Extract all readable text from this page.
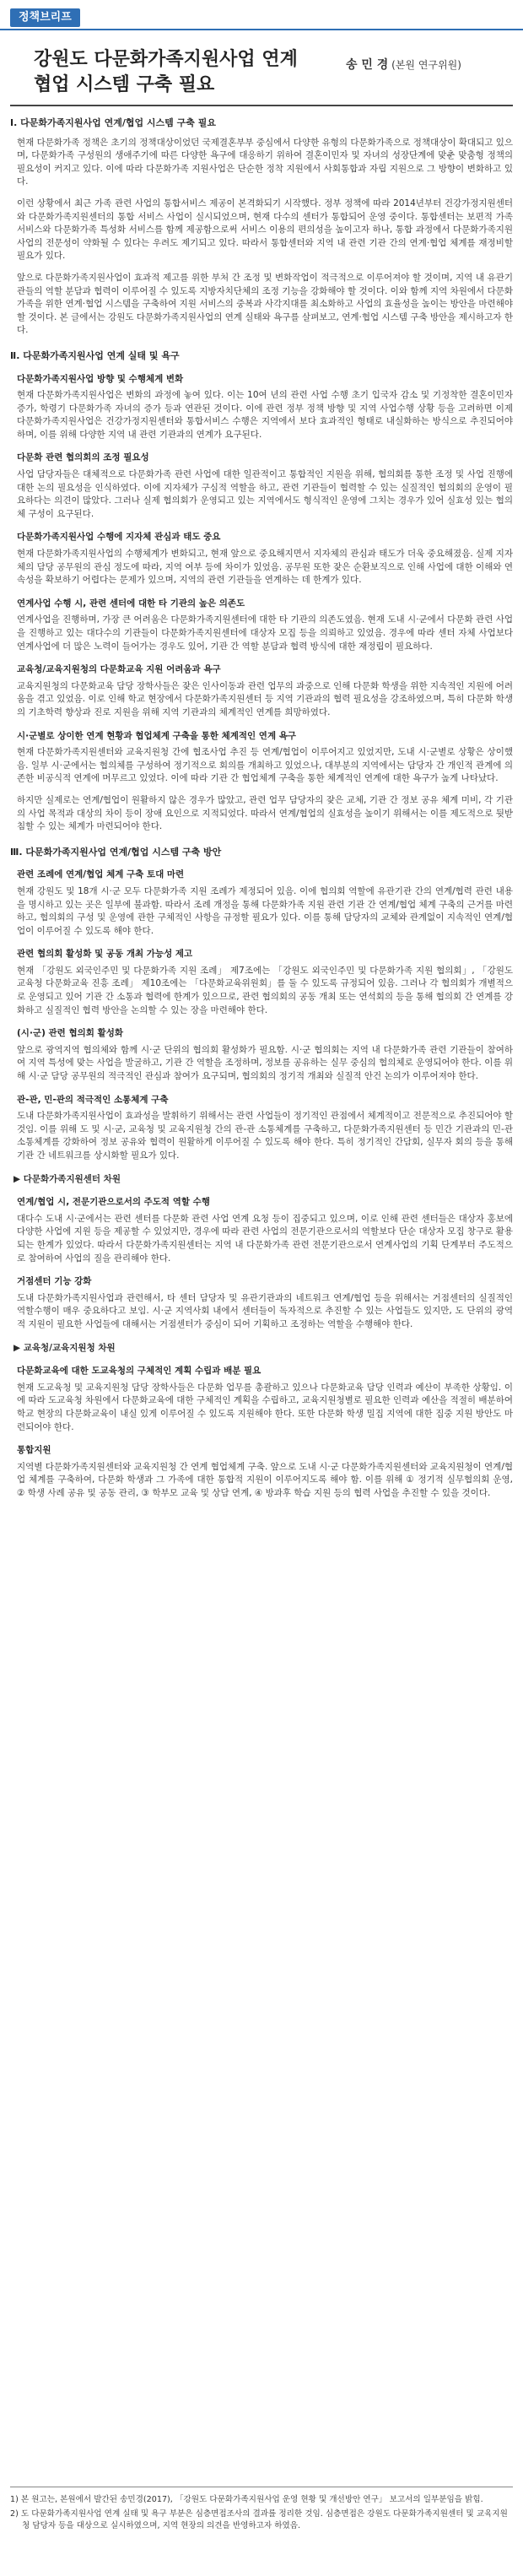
정책브리프
강원도 다문화가족지원사업 연계
협업 시스템 구축 필요
송 민 경 (본원 연구위원)
Ⅰ. 다문화가족지원사업 연계/협업 시스템 구축 필요
현재 다문화가족 정책은 초기의 정책대상이었던 국제결혼부부 중심에서 다양한 유형의 다문화가족으로 정책대상이 확대되고 있으며, 다문화가족 구성원의 생애주기에 따른 다양한 욕구에 대응하기 위하여 결혼이민자 및 자녀의 성장단계에 맞춘 맞춤형 정책의 필요성이 커지고 있다. 이에 따라 다문화가족 지원사업은 단순한 정착 지원에서 사회통합과 자립 지원으로 그 방향이 변화하고 있다.
이런 상황에서 최근 가족 관련 사업의 통합서비스 제공이 본격화되기 시작했다. 정부 정책에 따라 2014년부터 건강가정지원센터와 다문화가족지원센터의 통합 서비스 사업이 실시되었으며, 현재 다수의 센터가 통합되어 운영 중이다. 통합센터는 보편적 가족서비스와 다문화가족 특성화 서비스를 함께 제공함으로써 서비스 이용의 편의성을 높이고자 하나, 통합 과정에서 다문화가족지원사업의 전문성이 약화될 수 있다는 우려도 제기되고 있다. 따라서 통합센터와 지역 내 관련 기관 간의 연계·협업 체계를 재정비할 필요가 있다.
앞으로 다문화가족지원사업이 효과적 제고를 위한 부처 간 조정 및 변화작업이 적극적으로 이루어져야 할 것이며, 지역 내 유관기관들의 역할 분담과 협력이 이루어질 수 있도록 지방자치단체의 조정 기능을 강화해야 할 것이다. 이와 함께 지역 차원에서 다문화가족을 위한 연계·협업 시스템을 구축하여 지원 서비스의 중복과 사각지대를 최소화하고 사업의 효율성을 높이는 방안을 마련해야 할 것이다. 본 글에서는 강원도 다문화가족지원사업의 연계 실태와 욕구를 살펴보고, 연계·협업 시스템 구축 방안을 제시하고자 한다.
Ⅱ. 다문화가족지원사업 연계 실태 및 욕구
다문화가족지원사업 방향 및 수행체계 변화
현재 다문화가족지원사업은 변화의 과정에 놓여 있다. 이는 10여 년의 관련 사업 수행 초기 입국자 감소 및 기정착한 결혼이민자 증가, 학령기 다문화가족 자녀의 증가 등과 연관된 것이다. 이에 관련 정부 정책 방향 및 지역 사업수행 상황 등을 고려하면 이제 다문화가족지원사업은 건강가정지원센터와 통합서비스 수행은 지역에서 보다 효과적인 형태로 내실화하는 방식으로 추진되어야 하며, 이를 위해 다양한 지역 내 관련 기관과의 연계가 요구된다.
다문화 관련 협의회의 조정 필요성
사업 담당자들은 대체적으로 다문화가족 관련 사업에 대한 일관적이고 통합적인 지원을 위해, 협의회를 통한 조정 및 사업 진행에 대한 논의 필요성을 인식하였다. 이에 지자체가 구심적 역할을 하고, 관련 기관들이 협력할 수 있는 실질적인 협의회의 운영이 필요하다는 의견이 많았다. 그러나 실제 협의회가 운영되고 있는 지역에서도 형식적인 운영에 그치는 경우가 있어 실효성 있는 협의체 구성이 요구된다.
다문화가족지원사업 수행에 지자체 관심과 태도 중요
현재 다문화가족지원사업의 수행체계가 변화되고, 현재 앞으로 중요해지면서 지자체의 관심과 태도가 더욱 중요해졌음. 실제 지자체의 담당 공무원의 관심 정도에 따라, 지역 여부 등에 차이가 있었음. 공무원 또한 잦은 순환보직으로 인해 사업에 대한 이해와 연속성을 확보하기 어렵다는 문제가 있으며, 지역의 관련 기관들을 연계하는 데 한계가 있다.
연계사업 수행 시, 관련 센터에 대한 타 기관의 높은 의존도
연계사업을 진행하며, 가장 큰 어려움은 다문화가족지원센터에 대한 타 기관의 의존도였음. 현재 도내 시·군에서 다문화 관련 사업을 진행하고 있는 대다수의 기관들이 다문화가족지원센터에 대상자 모집 등을 의뢰하고 있었음. 경우에 따라 센터 자체 사업보다 연계사업에 더 많은 노력이 들어가는 경우도 있어, 기관 간 역할 분담과 협력 방식에 대한 재정립이 필요하다.
교육청/교육지원청의 다문화교육 지원 어려움과 욕구
교육지원청의 다문화교육 담당 장학사들은 잦은 인사이동과 관련 업무의 과중으로 인해 다문화 학생을 위한 지속적인 지원에 어려움을 겪고 있었음. 이로 인해 학교 현장에서 다문화가족지원센터 등 지역 기관과의 협력 필요성을 강조하였으며, 특히 다문화 학생의 기초학력 향상과 진로 지원을 위해 지역 기관과의 체계적인 연계를 희망하였다.
시·군별로 상이한 연계 현황과 협업체계 구축을 통한 체계적인 연계 욕구
현재 다문화가족지원센터와 교육지원청 간에 협조사업 추진 등 연계/협업이 이루어지고 있었지만, 도내 시·군별로 상황은 상이했음. 일부 시·군에서는 협의체를 구성하여 정기적으로 회의를 개최하고 있었으나, 대부분의 지역에서는 담당자 간 개인적 관계에 의존한 비공식적 연계에 머무르고 있었다. 이에 따라 기관 간 협업체계 구축을 통한 체계적인 연계에 대한 욕구가 높게 나타났다.
하지만 실제로는 연계/협업이 원활하지 않은 경우가 많았고, 관련 업무 담당자의 잦은 교체, 기관 간 정보 공유 체계 미비, 각 기관의 사업 목적과 대상의 차이 등이 장애 요인으로 지적되었다. 따라서 연계/협업의 실효성을 높이기 위해서는 이를 제도적으로 뒷받침할 수 있는 체계가 마련되어야 한다.
Ⅲ. 다문화가족지원사업 연계/협업 시스템 구축 방안
관련 조례에 연계/협업 체계 구축 토대 마련
현재 강원도 및 18개 시·군 모두 다문화가족 지원 조례가 제정되어 있음. 이에 협의회 역할에 유관기관 간의 연계/협력 관련 내용을 명시하고 있는 곳은 일부에 불과함. 따라서 조례 개정을 통해 다문화가족 지원 관련 기관 간 연계/협업 체계 구축의 근거를 마련하고, 협의회의 구성 및 운영에 관한 구체적인 사항을 규정할 필요가 있다. 이를 통해 담당자의 교체와 관계없이 지속적인 연계/협업이 이루어질 수 있도록 해야 한다.
관련 협의회 활성화 및 공동 개최 가능성 제고
현재 「강원도 외국인주민 및 다문화가족 지원 조례」 제7조에는 「강원도 외국인주민 및 다문화가족 지원 협의회」, 「강원도 교육청 다문화교육 진흥 조례」 제10조에는 「다문화교육위원회」를 둘 수 있도록 규정되어 있음. 그러나 각 협의회가 개별적으로 운영되고 있어 기관 간 소통과 협력에 한계가 있으므로, 관련 협의회의 공동 개최 또는 연석회의 등을 통해 협의회 간 연계를 강화하고 실질적인 협력 방안을 논의할 수 있는 장을 마련해야 한다.
(시·군) 관련 협의회 활성화
앞으로 광역지역 협의체와 함께 시·군 단위의 협의회 활성화가 필요함. 시·군 협의회는 지역 내 다문화가족 관련 기관들이 참여하여 지역 특성에 맞는 사업을 발굴하고, 기관 간 역할을 조정하며, 정보를 공유하는 실무 중심의 협의체로 운영되어야 한다. 이를 위해 시·군 담당 공무원의 적극적인 관심과 참여가 요구되며, 협의회의 정기적 개최와 실질적 안건 논의가 이루어져야 한다.
관-관, 민-관의 적극적인 소통체계 구축
도내 다문화가족지원사업이 효과성을 발휘하기 위해서는 관련 사업들이 정기적인 관점에서 체계적이고 전문적으로 추진되어야 할 것임. 이를 위해 도 및 시·군, 교육청 및 교육지원청 간의 관-관 소통체계를 구축하고, 다문화가족지원센터 등 민간 기관과의 민-관 소통체계를 강화하여 정보 공유와 협력이 원활하게 이루어질 수 있도록 해야 한다. 특히 정기적인 간담회, 실무자 회의 등을 통해 기관 간 네트워크를 상시화할 필요가 있다.
▶ 다문화가족지원센터 차원
연계/협업 시, 전문기관으로서의 주도적 역할 수행
대다수 도내 시·군에서는 관련 센터를 다문화 관련 사업 연계 요청 등이 집중되고 있으며, 이로 인해 관련 센터들은 대상자 홍보에 다양한 사업에 지원 등을 제공할 수 있었지만, 경우에 따라 관련 사업의 전문기관으로서의 역할보다 단순 대상자 모집 창구로 활용되는 한계가 있었다. 따라서 다문화가족지원센터는 지역 내 다문화가족 관련 전문기관으로서 연계사업의 기획 단계부터 주도적으로 참여하여 사업의 질을 관리해야 한다.
거점센터 기능 강화
도내 다문화가족지원사업과 관련해서, 타 센터 담당자 및 유관기관과의 네트워크 연계/협업 등을 위해서는 거점센터의 실질적인 역할수행이 매우 중요하다고 보임. 시·군 지역사회 내에서 센터들이 독자적으로 추진할 수 있는 사업들도 있지만, 도 단위의 광역적 지원이 필요한 사업들에 대해서는 거점센터가 중심이 되어 기획하고 조정하는 역할을 수행해야 한다.
▶ 교육청/교육지원청 차원
다문화교육에 대한 도교육청의 구체적인 계획 수립과 배분 필요
현재 도교육청 및 교육지원청 담당 장학사들은 다문화 업무를 총괄하고 있으나 다문화교육 담당 인력과 예산이 부족한 상황임. 이에 따라 도교육청 차원에서 다문화교육에 대한 구체적인 계획을 수립하고, 교육지원청별로 필요한 인력과 예산을 적절히 배분하여 학교 현장의 다문화교육이 내실 있게 이루어질 수 있도록 지원해야 한다. 또한 다문화 학생 밀집 지역에 대한 집중 지원 방안도 마련되어야 한다.
통합지원
지역별 다문화가족지원센터와 교육지원청 간 연계 협업체계 구축. 앞으로 도내 시·군 다문화가족지원센터와 교육지원청이 연계/협업 체계를 구축하여, 다문화 학생과 그 가족에 대한 통합적 지원이 이루어지도록 해야 함. 이를 위해 ① 정기적 실무협의회 운영, ② 학생 사례 공유 및 공동 관리, ③ 학부모 교육 및 상담 연계, ④ 방과후 학습 지원 등의 협력 사업을 추진할 수 있을 것이다.
1) 본 원고는, 본원에서 발간된 송민경(2017), 「강원도 다문화가족지원사업 운영 현황 및 개선방안 연구」 보고서의 일부분임을 밝힘.
2) 도 다문화가족지원사업 연계 실태 및 욕구 부분은 심층면접조사의 결과를 정리한 것임. 심층면접은 강원도 다문화가족지원센터 및 교육지원청 담당자 등을 대상으로 실시하였으며, 지역 현장의 의견을 반영하고자 하였음.
